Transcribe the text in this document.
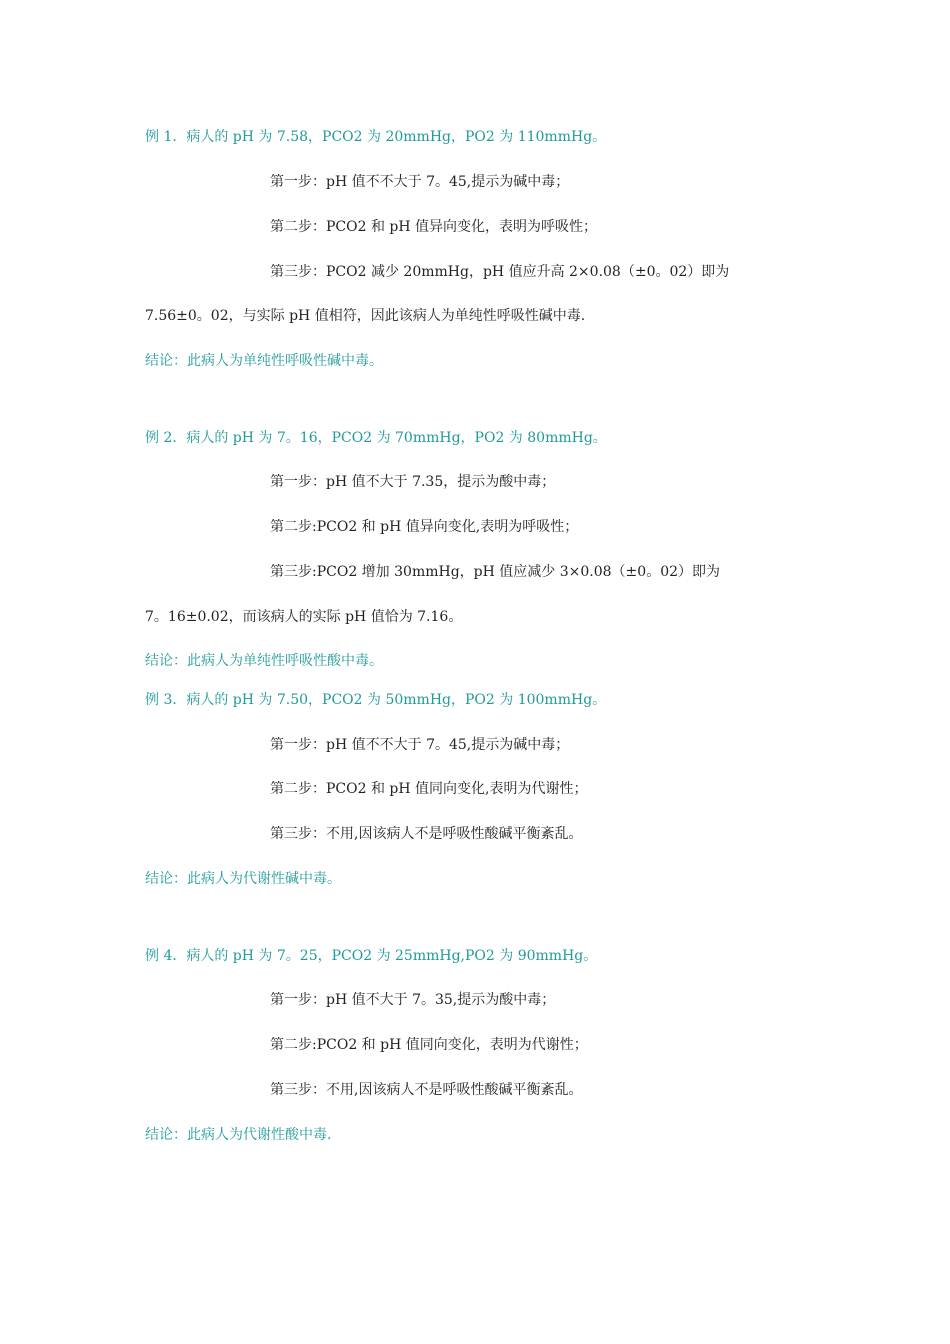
例 1．病人的 pH 为 7.58，PCO2 为 20mmHg，PO2 为 110mmHg。
第一步：pH 值不不大于 7。45,提示为碱中毒；
第二步：PCO2 和 pH 值异向变化，表明为呼吸性；
第三步：PCO2 减少 20mmHg，pH 值应升高 2×0.08（±0。02）即为
7.56±0。02，与实际 pH 值相符，因此该病人为单纯性呼吸性碱中毒.
结论：此病人为单纯性呼吸性碱中毒。
例 2．病人的 pH 为 7。16，PCO2 为 70mmHg，PO2 为 80mmHg。
第一步：pH 值不大于 7.35，提示为酸中毒；
第二步:PCO2 和 pH 值异向变化,表明为呼吸性；
第三步:PCO2 增加 30mmHg，pH 值应减少 3×0.08（±0。02）即为
7。16±0.02，而该病人的实际 pH 值恰为 7.16。
结论：此病人为单纯性呼吸性酸中毒。
例 3．病人的 pH 为 7.50，PCO2 为 50mmHg，PO2 为 100mmHg。
第一步：pH 值不不大于 7。45,提示为碱中毒；
第二步：PCO2 和 pH 值同向变化,表明为代谢性；
第三步：不用,因该病人不是呼吸性酸碱平衡紊乱。
结论：此病人为代谢性碱中毒。
例 4．病人的 pH 为 7。25，PCO2 为 25mmHg,PO2 为 90mmHg。
第一步：pH 值不大于 7。35,提示为酸中毒；
第二步:PCO2 和 pH 值同向变化，表明为代谢性；
第三步：不用,因该病人不是呼吸性酸碱平衡紊乱。
结论：此病人为代谢性酸中毒.
